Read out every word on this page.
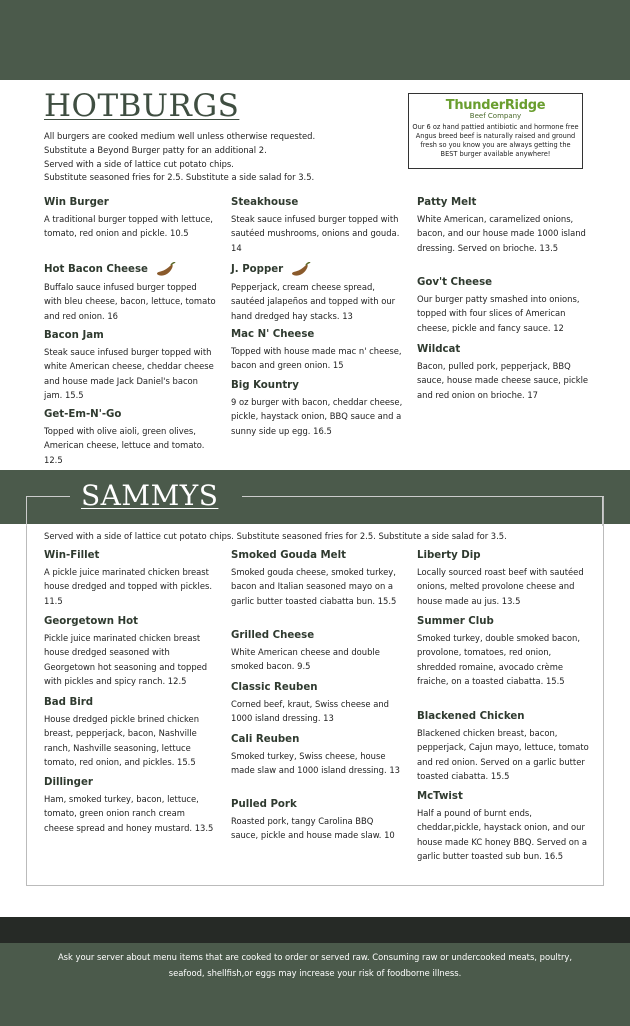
HOTBURGS
All burgers are cooked medium well unless otherwise requested.
Substitute a Beyond Burger patty for an additional 2.
Served with a side of lattice cut potato chips.
Substitute seasoned fries for 2.5. Substitute a side salad for 3.5.
ThunderRidge
Beef Company
Our 6 oz hand pattied antibiotic and hormone free Angus breed beef is naturally raised and ground fresh so you know you are always getting the BEST burger available anywhere!
Win Burger
A traditional burger topped with lettuce, tomato, red onion and pickle. 10.5
Hot Bacon Cheese
Buffalo sauce infused burger topped with bleu cheese, bacon, lettuce, tomato and red onion. 16
Bacon Jam
Steak sauce infused burger topped with white American cheese, cheddar cheese and house made Jack Daniel's bacon jam. 15.5
Get-Em-N'-Go
Topped with olive aioli, green olives, American cheese, lettuce and tomato. 12.5
Steakhouse
Steak sauce infused burger topped with sautéed mushrooms, onions and gouda. 14
J. Popper
Pepperjack, cream cheese spread, sautéed jalapeños and topped with our hand dredged hay stacks. 13
Mac N' Cheese
Topped with house made mac n' cheese, bacon and green onion. 15
Big Kountry
9 oz burger with bacon, cheddar cheese, pickle, haystack onion, BBQ sauce and a sunny side up egg. 16.5
Patty Melt
White American, caramelized onions, bacon, and our house made 1000 island dressing. Served on brioche. 13.5
Gov't Cheese
Our burger patty smashed into onions, topped with four slices of American cheese, pickle and fancy sauce. 12
Wildcat
Bacon, pulled pork, pepperjack, BBQ sauce, house made cheese sauce, pickle and red onion on brioche. 17
SAMMYS
Served with a side of lattice cut potato chips. Substitute seasoned fries for 2.5. Substitute a side salad for 3.5.
Win-Fillet
A pickle juice marinated chicken breast house dredged and topped with pickles. 11.5
Georgetown Hot
Pickle juice marinated chicken breast house dredged seasoned with Georgetown hot seasoning and topped with pickles and spicy ranch. 12.5
Bad Bird
House dredged pickle brined chicken breast, pepperjack, bacon, Nashville ranch, Nashville seasoning, lettuce tomato, red onion, and pickles. 15.5
Dillinger
Ham, smoked turkey, bacon, lettuce, tomato, green onion ranch cream cheese spread and honey mustard. 13.5
Smoked Gouda Melt
Smoked gouda cheese, smoked turkey, bacon and Italian seasoned mayo on a garlic butter toasted ciabatta bun. 15.5
Grilled Cheese
White American cheese and double smoked bacon. 9.5
Classic Reuben
Corned beef, kraut, Swiss cheese and 1000 island dressing. 13
Cali Reuben
Smoked turkey, Swiss cheese, house made slaw and 1000 island dressing. 13
Pulled Pork
Roasted pork, tangy Carolina BBQ sauce, pickle and house made slaw. 10
Liberty Dip
Locally sourced roast beef with sautéed onions, melted provolone cheese and house made au jus. 13.5
Summer Club
Smoked turkey, double smoked bacon, provolone, tomatoes, red onion, shredded romaine, avocado crème fraiche, on a toasted ciabatta. 15.5
Blackened Chicken
Blackened chicken breast, bacon, pepperjack, Cajun mayo, lettuce, tomato and red onion. Served on a garlic butter toasted ciabatta. 15.5
McTwist
Half a pound of burnt ends, cheddar,pickle, haystack onion, and our house made KC honey BBQ. Served on a garlic butter toasted sub bun. 16.5
Ask your server about menu items that are cooked to order or served raw. Consuming raw or undercooked meats, poultry, seafood, shellfish,or eggs may increase your risk of foodborne illness.
